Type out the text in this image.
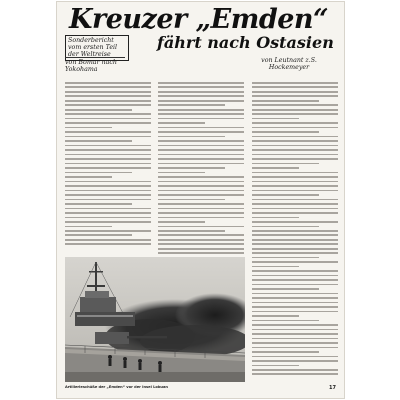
Kreuzer „Emden“
fährt nach Ostasien
Sonderbericht vom ersten Teil der Weltreise
von Bomar nach Yokohama
von Leutnant z.S. Hockemeyer
Artillerieschüße der „Emden“ vor der Insel Lobuan	17
